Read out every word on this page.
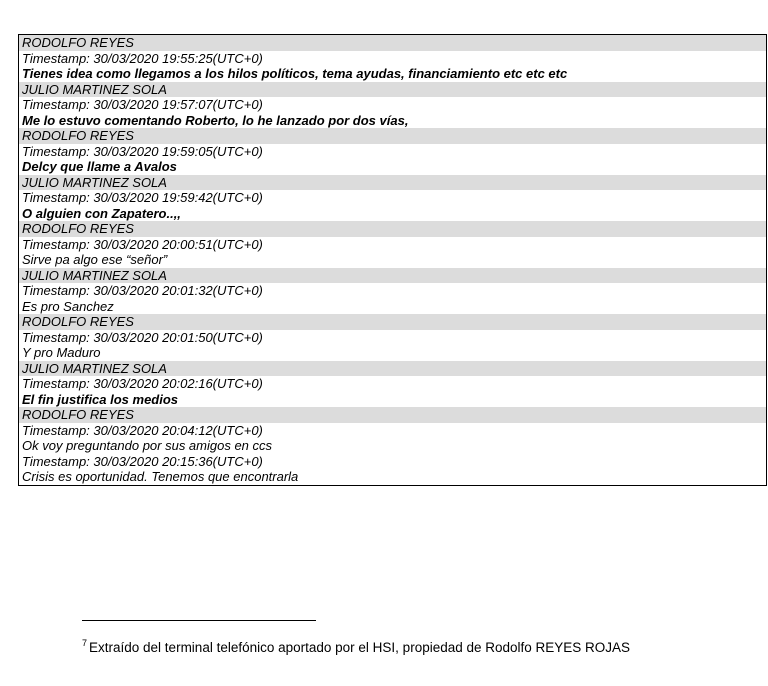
RODOLFO REYES
Timestamp: 30/03/2020 19:55:25(UTC+0)
Tienes idea como llegamos a los hilos políticos, tema ayudas, financiamiento etc etc etc
JULIO MARTINEZ SOLA
Timestamp: 30/03/2020 19:57:07(UTC+0)
Me lo estuvo comentando Roberto, lo he lanzado por dos vías,
RODOLFO REYES
Timestamp: 30/03/2020 19:59:05(UTC+0)
Delcy que llame a Avalos
JULIO MARTINEZ SOLA
Timestamp: 30/03/2020 19:59:42(UTC+0)
O alguien con Zapatero..,,
RODOLFO REYES
Timestamp: 30/03/2020 20:00:51(UTC+0)
Sirve pa algo ese “señor”
JULIO MARTINEZ SOLA
Timestamp: 30/03/2020 20:01:32(UTC+0)
Es pro Sanchez
RODOLFO REYES
Timestamp: 30/03/2020 20:01:50(UTC+0)
Y pro Maduro
JULIO MARTINEZ SOLA
Timestamp: 30/03/2020 20:02:16(UTC+0)
El fin justifica los medios
RODOLFO REYES
Timestamp: 30/03/2020 20:04:12(UTC+0)
Ok voy preguntando por sus amigos en ccs
Timestamp: 30/03/2020 20:15:36(UTC+0)
Crisis es oportunidad. Tenemos que encontrarla
$^7$ Extraído del terminal telefónico aportado por el HSI, propiedad de Rodolfo REYES ROJAS
